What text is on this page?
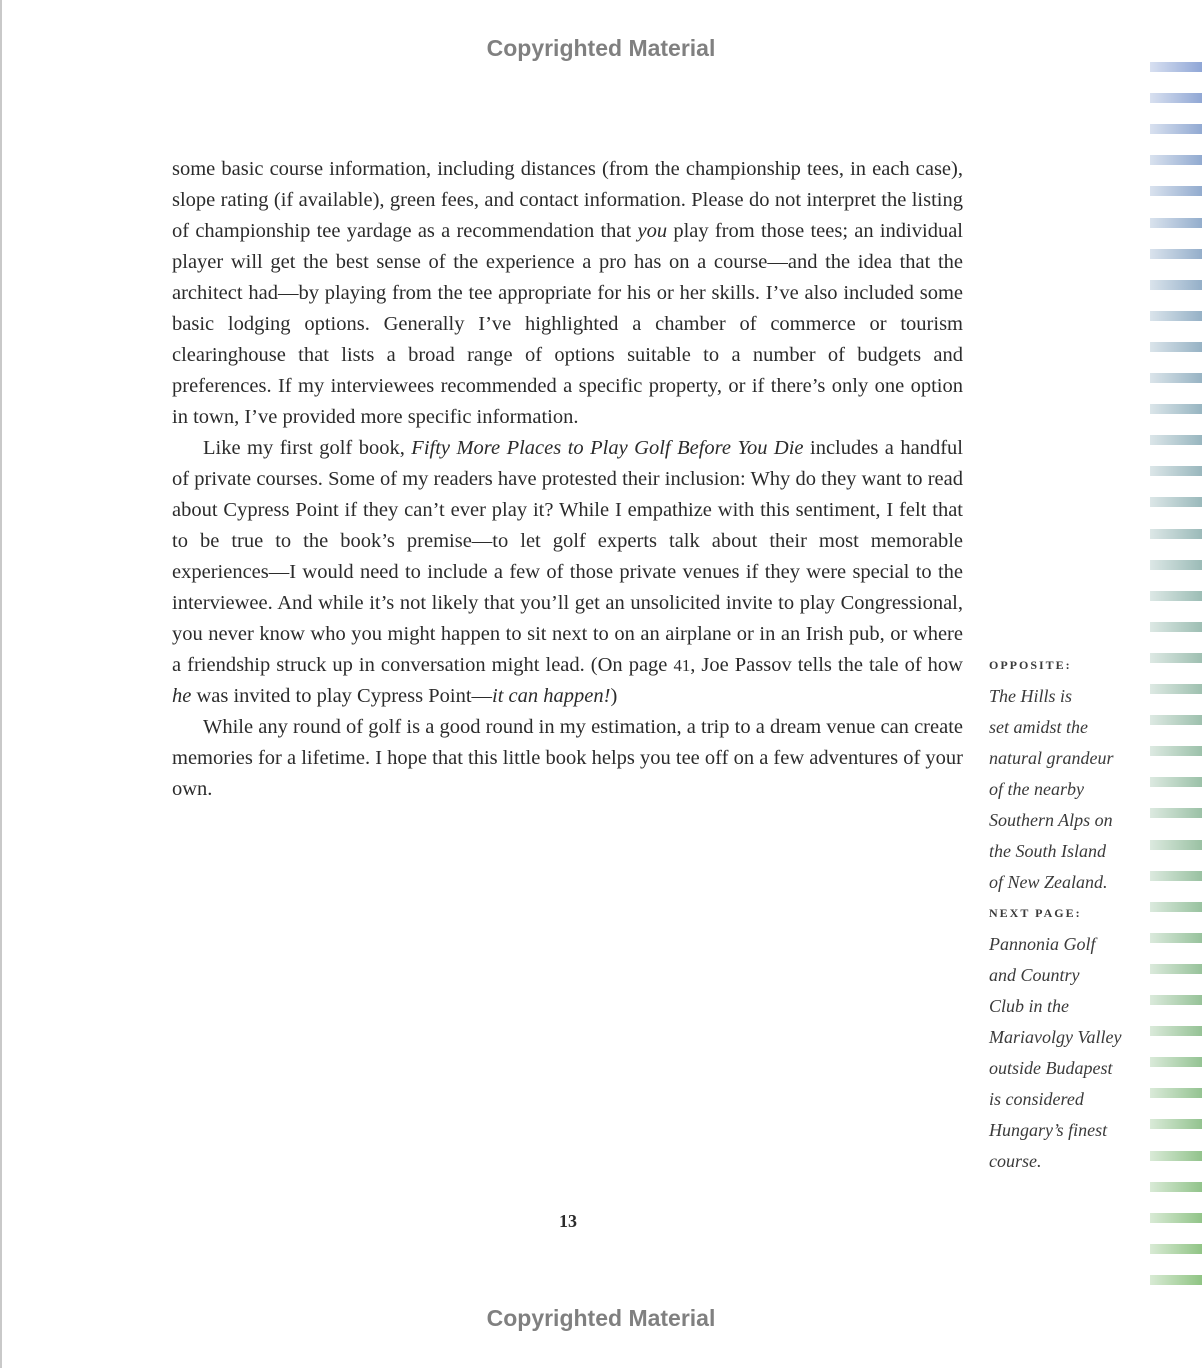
Copyrighted Material

some basic course information, including distances (from the championship tees, in each case), slope rating (if available), green fees, and contact information. Please do not interpret the listing of championship tee yardage as a recommendation that you play from those tees; an individual player will get the best sense of the experience a pro has on a course—and the idea that the architect had—by playing from the tee appropriate for his or her skills. I’ve also included some basic lodging options. Generally I’ve highlighted a chamber of commerce or tourism clearinghouse that lists a broad range of options suitable to a number of budgets and preferences. If my interviewees recommended a specific property, or if there’s only one option in town, I’ve provided more specific information.

Like my first golf book, Fifty More Places to Play Golf Before You Die includes a handful of private courses. Some of my readers have protested their inclusion: Why do they want to read about Cypress Point if they can’t ever play it? While I empathize with this sentiment, I felt that to be true to the book’s premise—to let golf experts talk about their most memorable experiences—I would need to include a few of those private venues if they were special to the interviewee. And while it’s not likely that you’ll get an unsolicited invite to play Congressional, you never know who you might happen to sit next to on an airplane or in an Irish pub, or where a friendship struck up in conversation might lead. (On page 41, Joe Passov tells the tale of how he was invited to play Cypress Point—it can happen!)

While any round of golf is a good round in my estimation, a trip to a dream venue can create memories for a lifetime. I hope that this little book helps you tee off on a few adventures of your own.

OPPOSITE:
The Hills is
set amidst the
natural grandeur
of the nearby
Southern Alps on
the South Island
of New Zealand.
NEXT PAGE:
Pannonia Golf
and Country
Club in the
Mariavolgy Valley
outside Budapest
is considered
Hungary’s finest
course.
13
Copyrighted Material
